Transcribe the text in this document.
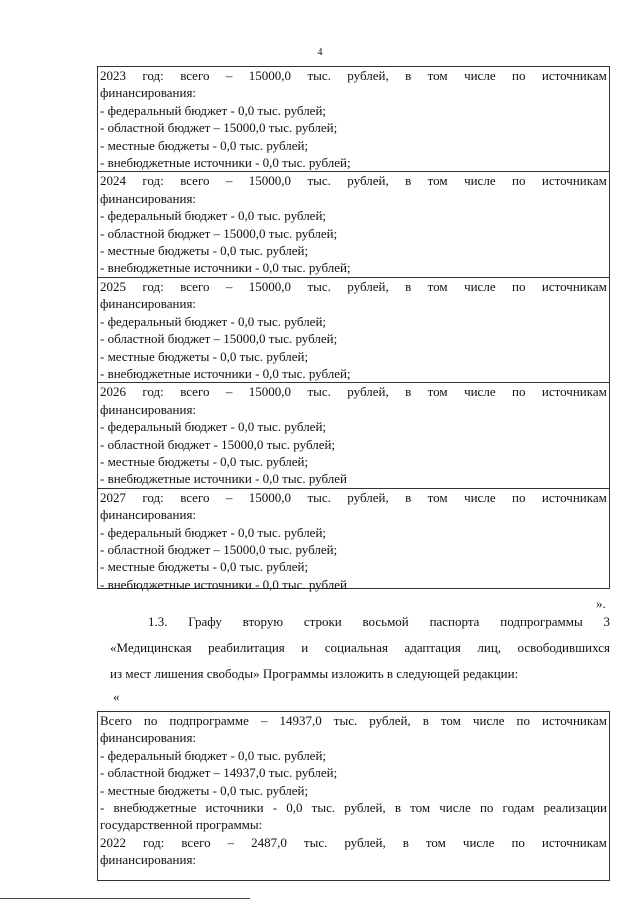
4
2023 год: всего – 15000,0 тыс. рублей, в том числе по источникам
финансирования:
- федеральный бюджет - 0,0 тыс. рублей;
- областной бюджет – 15000,0 тыс. рублей;
- местные бюджеты - 0,0 тыс. рублей;
- внебюджетные источники - 0,0 тыс. рублей;
2024 год: всего – 15000,0 тыс. рублей, в том числе по источникам
финансирования:
- федеральный бюджет - 0,0 тыс. рублей;
- областной бюджет – 15000,0 тыс. рублей;
- местные бюджеты - 0,0 тыс. рублей;
- внебюджетные источники - 0,0 тыс. рублей;
2025 год: всего – 15000,0 тыс. рублей, в том числе по источникам
финансирования:
- федеральный бюджет - 0,0 тыс. рублей;
- областной бюджет – 15000,0 тыс. рублей;
- местные бюджеты - 0,0 тыс. рублей;
- внебюджетные источники - 0,0 тыс. рублей;
2026 год: всего – 15000,0 тыс. рублей, в том числе по источникам
финансирования:
- федеральный бюджет - 0,0 тыс. рублей;
- областной бюджет - 15000,0 тыс. рублей;
- местные бюджеты - 0,0 тыс. рублей;
- внебюджетные источники - 0,0 тыс. рублей
2027 год: всего – 15000,0 тыс. рублей, в том числе по источникам
финансирования:
- федеральный бюджет - 0,0 тыс. рублей;
- областной бюджет – 15000,0 тыс. рублей;
- местные бюджеты - 0,0 тыс. рублей;
- внебюджетные источники - 0,0 тыс. рублей
».
1.3. Графу вторую строки восьмой паспорта подпрограммы 3
«Медицинская реабилитация и социальная адаптация лиц, освободившихся
из мест лишения свободы» Программы изложить в следующей редакции:
«
Всего по подпрограмме – 14937,0 тыс. рублей, в том числе по источникам
финансирования:
- федеральный бюджет - 0,0 тыс. рублей;
- областной бюджет – 14937,0 тыс. рублей;
- местные бюджеты - 0,0 тыс. рублей;
- внебюджетные источники - 0,0 тыс. рублей, в том числе по годам реализации
государственной программы:
2022 год: всего – 2487,0 тыс. рублей, в том числе по источникам
финансирования:
